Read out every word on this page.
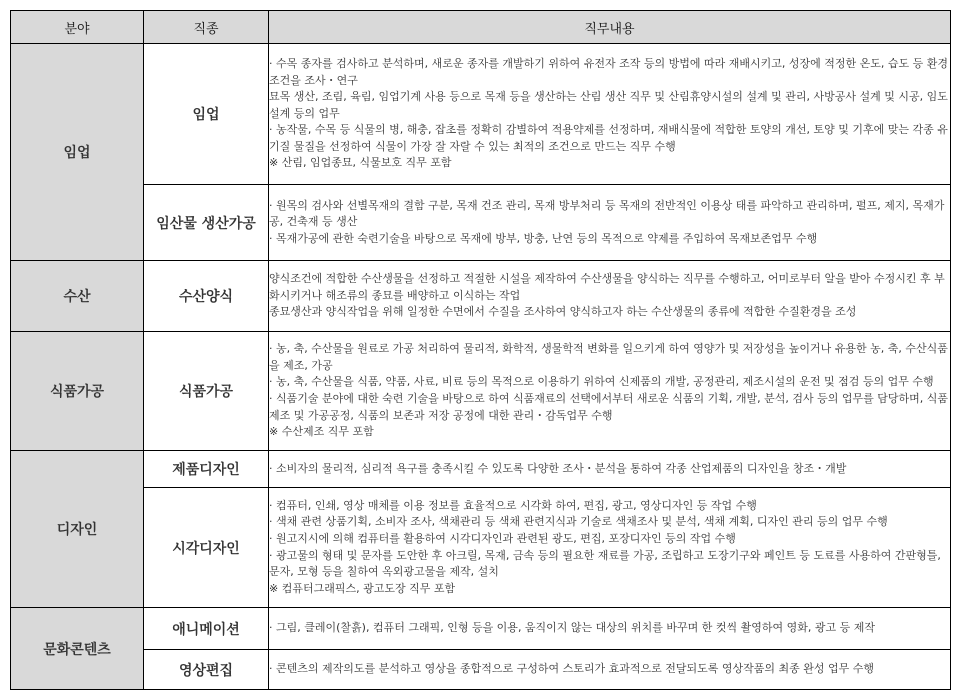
분야	직종	직무내용
임업	임업	· 수목 종자를 검사하고 분석하며, 새로운 종자를 개발하기 위하여 유전자 조작 등의 방법에 따라 재배시키고, 성장에 적정한 온도, 습도 등 환경조건을 조사・연구
묘목 생산, 조림, 육림, 임업기계 사용 등으로 목재 등을 생산하는 산림 생산 직무 및 산림휴양시설의 설계 및 관리, 사방공사 설계 및 시공, 임도설계 등의 업무
· 농작물, 수목 등 식물의 병, 해충, 잡초를 정확히 감별하여 적용약제를 선정하며, 재배식물에 적합한 토양의 개선, 토양 및 기후에 맞는 각종 유기질 물질을 선정하여 식물이 가장 잘 자랄 수 있는 최적의 조건으로 만드는 직무 수행
※ 산림, 임업종묘, 식물보호 직무 포함

	임산물 생산가공	· 원목의 검사와 선별목재의 결함 구분, 목재 건조 관리, 목재 방부처리 등 목재의 전반적인 이용상 태를 파악하고 관리하며, 펄프, 제지, 목재가공, 건축재 등 생산
· 목재가공에 관한 숙련기술을 바탕으로 목재에 방부, 방충, 난연 등의 목적으로 약제를 주입하여 목재보존업무 수행

수산	수산양식	양식조건에 적합한 수산생물을 선정하고 적절한 시설을 제작하여 수산생물을 양식하는 직무를 수행하고, 어미로부터 알을 받아 수정시킨 후 부화시키거나 해조류의 종묘를 배양하고 이식하는 작업
종묘생산과 양식작업을 위해 일정한 수면에서 수질을 조사하여 양식하고자 하는 수산생물의 종류에 적합한 수질환경을 조성

식품가공	식품가공	· 농, 축, 수산물을 원료로 가공 처리하여 물리적, 화학적, 생물학적 변화를 일으키게 하여 영양가 및 저장성을 높이거나 유용한 농, 축, 수산식품을 제조, 가공
· 농, 축, 수산물을 식품, 약품, 사료, 비료 등의 목적으로 이용하기 위하여 신제품의 개발, 공정관리, 제조시설의 운전 및 점검 등의 업무 수행
· 식품기술 분야에 대한 숙련 기술을 바탕으로 하여 식품재료의 선택에서부터 새로운 식품의 기획, 개발, 분석, 검사 등의 업무를 담당하며, 식품제조 및 가공공정, 식품의 보존과 저장 공정에 대한 관리・감독업무 수행
※ 수산제조 직무 포함

디자인	제품디자인	· 소비자의 물리적, 심리적 욕구를 충족시킬 수 있도록 다양한 조사・분석을 통하여 각종 산업제품의 디자인을 창조・개발

	시각디자인	· 컴퓨터, 인쇄, 영상 매체를 이용 정보를 효율적으로 시각화 하여, 편집, 광고, 영상디자인 등 작업 수행
· 색채 관련 상품기획, 소비자 조사, 색채관리 등 색채 관련지식과 기술로 색채조사 및 분석, 색채 계획, 디자인 관리 등의 업무 수행
· 원고지시에 의해 컴퓨터를 활용하여 시각디자인과 관련된 광도, 편집, 포장디자인 등의 작업 수행
· 광고물의 형태 및 문자를 도안한 후 아크릴, 목재, 금속 등의 필요한 재료를 가공, 조립하고 도장기구와 페인트 등 도료를 사용하여 간판형틀, 문자, 모형 등을 칠하여 옥외광고물을 제작, 설치
※ 컴퓨터그래픽스, 광고도장 직무 포함

문화콘텐츠	애니메이션	· 그림, 클레이(찰흙), 컴퓨터 그래픽, 인형 등을 이용, 움직이지 않는 대상의 위치를 바꾸며 한 컷씩 촬영하여 영화, 광고 등 제작

	영상편집	· 콘텐츠의 제작의도를 분석하고 영상을 종합적으로 구성하여 스토리가 효과적으로 전달되도록 영상작품의 최종 완성 업무 수행
